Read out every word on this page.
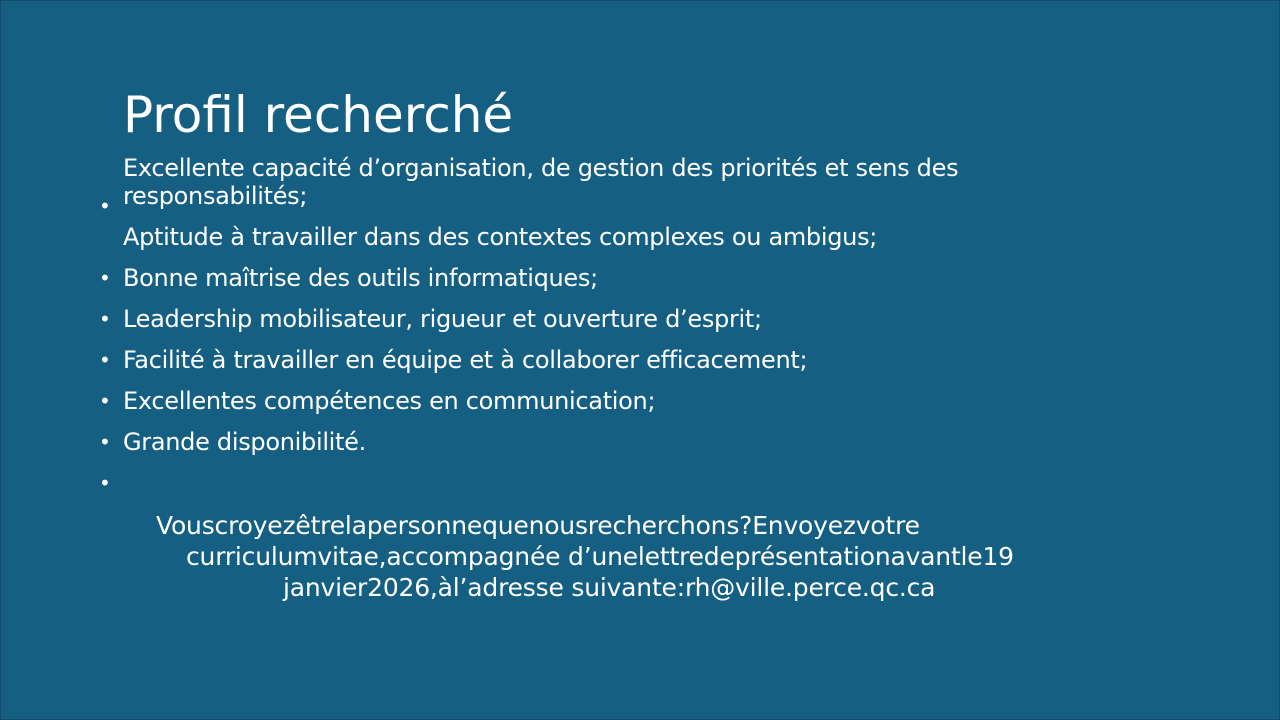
Profil recherché
•
Excellente capacité d’organisation, de gestion des priorités et sens des
responsabilités;
Aptitude à travailler dans des contextes complexes ou ambigus;
• Bonne maîtrise des outils informatiques;
• Leadership mobilisateur, rigueur et ouverture d’esprit;
• Facilité à travailler en équipe et à collaborer efficacement;
• Excellentes compétences en communication;
• Grande disponibilité.
•
Vouscroyezêtrelapersonnequenousrecherchons?Envoyezvotre
curriculumvitae,accompagnée d’unelettredeprésentationavantle19
janvier2026,àl’adresse suivante:rh@ville.perce.qc.ca
